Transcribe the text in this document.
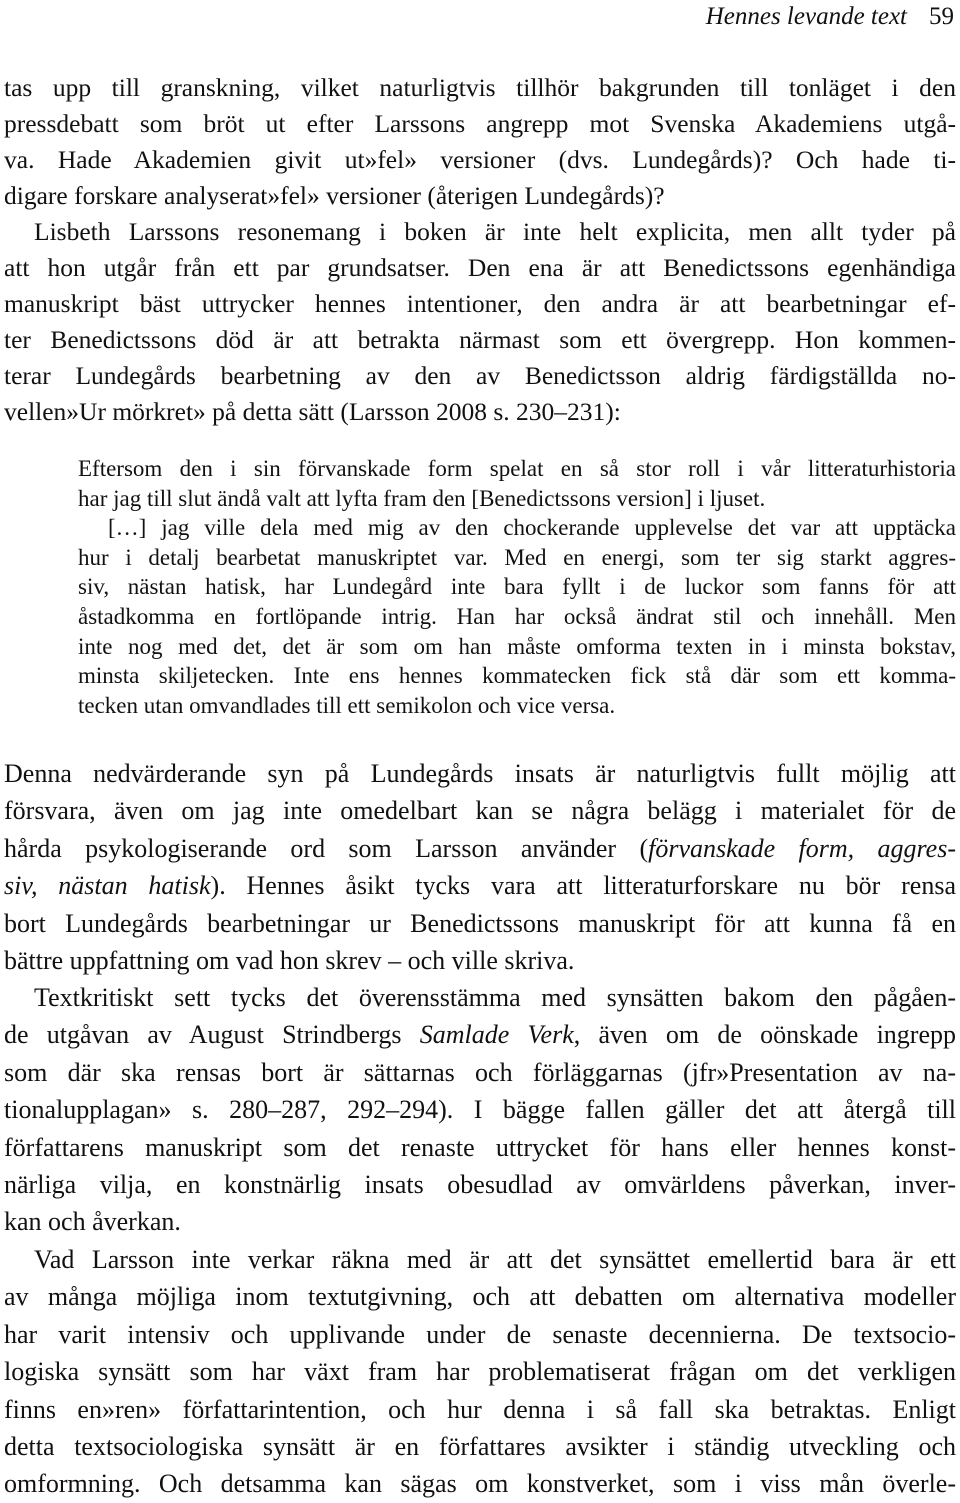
Hennes levande text 59
tas upp till granskning, vilket naturligtvis tillhör bakgrunden till tonläget i den
pressdebatt som bröt ut efter Larssons angrepp mot Svenska Akademiens utgå-
va. Hade Akademien givit ut»fel» versioner (dvs. Lundegårds)? Och hade ti-
digare forskare analyserat»fel» versioner (återigen Lundegårds)?
Lisbeth Larssons resonemang i boken är inte helt explicita, men allt tyder på
att hon utgår från ett par grundsatser. Den ena är att Benedictssons egenhändiga
manuskript bäst uttrycker hennes intentioner, den andra är att bearbetningar ef-
ter Benedictssons död är att betrakta närmast som ett övergrepp. Hon kommen-
terar Lundegårds bearbetning av den av Benedictsson aldrig färdigställda no-
vellen»Ur mörkret» på detta sätt (Larsson 2008 s. 230–231):
Eftersom den i sin förvanskade form spelat en så stor roll i vår litteraturhistoria
har jag till slut ändå valt att lyfta fram den [Benedictssons version] i ljuset.
[…] jag ville dela med mig av den chockerande upplevelse det var att upptäcka
hur i detalj bearbetat manuskriptet var. Med en energi, som ter sig starkt aggres-
siv, nästan hatisk, har Lundegård inte bara fyllt i de luckor som fanns för att
åstadkomma en fortlöpande intrig. Han har också ändrat stil och innehåll. Men
inte nog med det, det är som om han måste omforma texten in i minsta bokstav,
minsta skiljetecken. Inte ens hennes kommatecken fick stå där som ett komma-
tecken utan omvandlades till ett semikolon och vice versa.
Denna nedvärderande syn på Lundegårds insats är naturligtvis fullt möjlig att
försvara, även om jag inte omedelbart kan se några belägg i materialet för de
hårda psykologiserande ord som Larsson använder (förvanskade form, aggres-
siv, nästan hatisk). Hennes åsikt tycks vara att litteraturforskare nu bör rensa
bort Lundegårds bearbetningar ur Benedictssons manuskript för att kunna få en
bättre uppfattning om vad hon skrev – och ville skriva.
Textkritiskt sett tycks det överensstämma med synsätten bakom den pågåen-
de utgåvan av August Strindbergs Samlade Verk, även om de oönskade ingrepp
som där ska rensas bort är sättarnas och förläggarnas (jfr»Presentation av na-
tionalupplagan» s. 280–287, 292–294). I bägge fallen gäller det att återgå till
författarens manuskript som det renaste uttrycket för hans eller hennes konst-
närliga vilja, en konstnärlig insats obesudlad av omvärldens påverkan, inver-
kan och åverkan.
Vad Larsson inte verkar räkna med är att det synsättet emellertid bara är ett
av många möjliga inom textutgivning, och att debatten om alternativa modeller
har varit intensiv och upplivande under de senaste decennierna. De textsocio-
logiska synsätt som har växt fram har problematiserat frågan om det verkligen
finns en»ren» författarintention, och hur denna i så fall ska betraktas. Enligt
detta textsociologiska synsätt är en författares avsikter i ständig utveckling och
omformning. Och detsamma kan sägas om konstverket, som i viss mån överle-
